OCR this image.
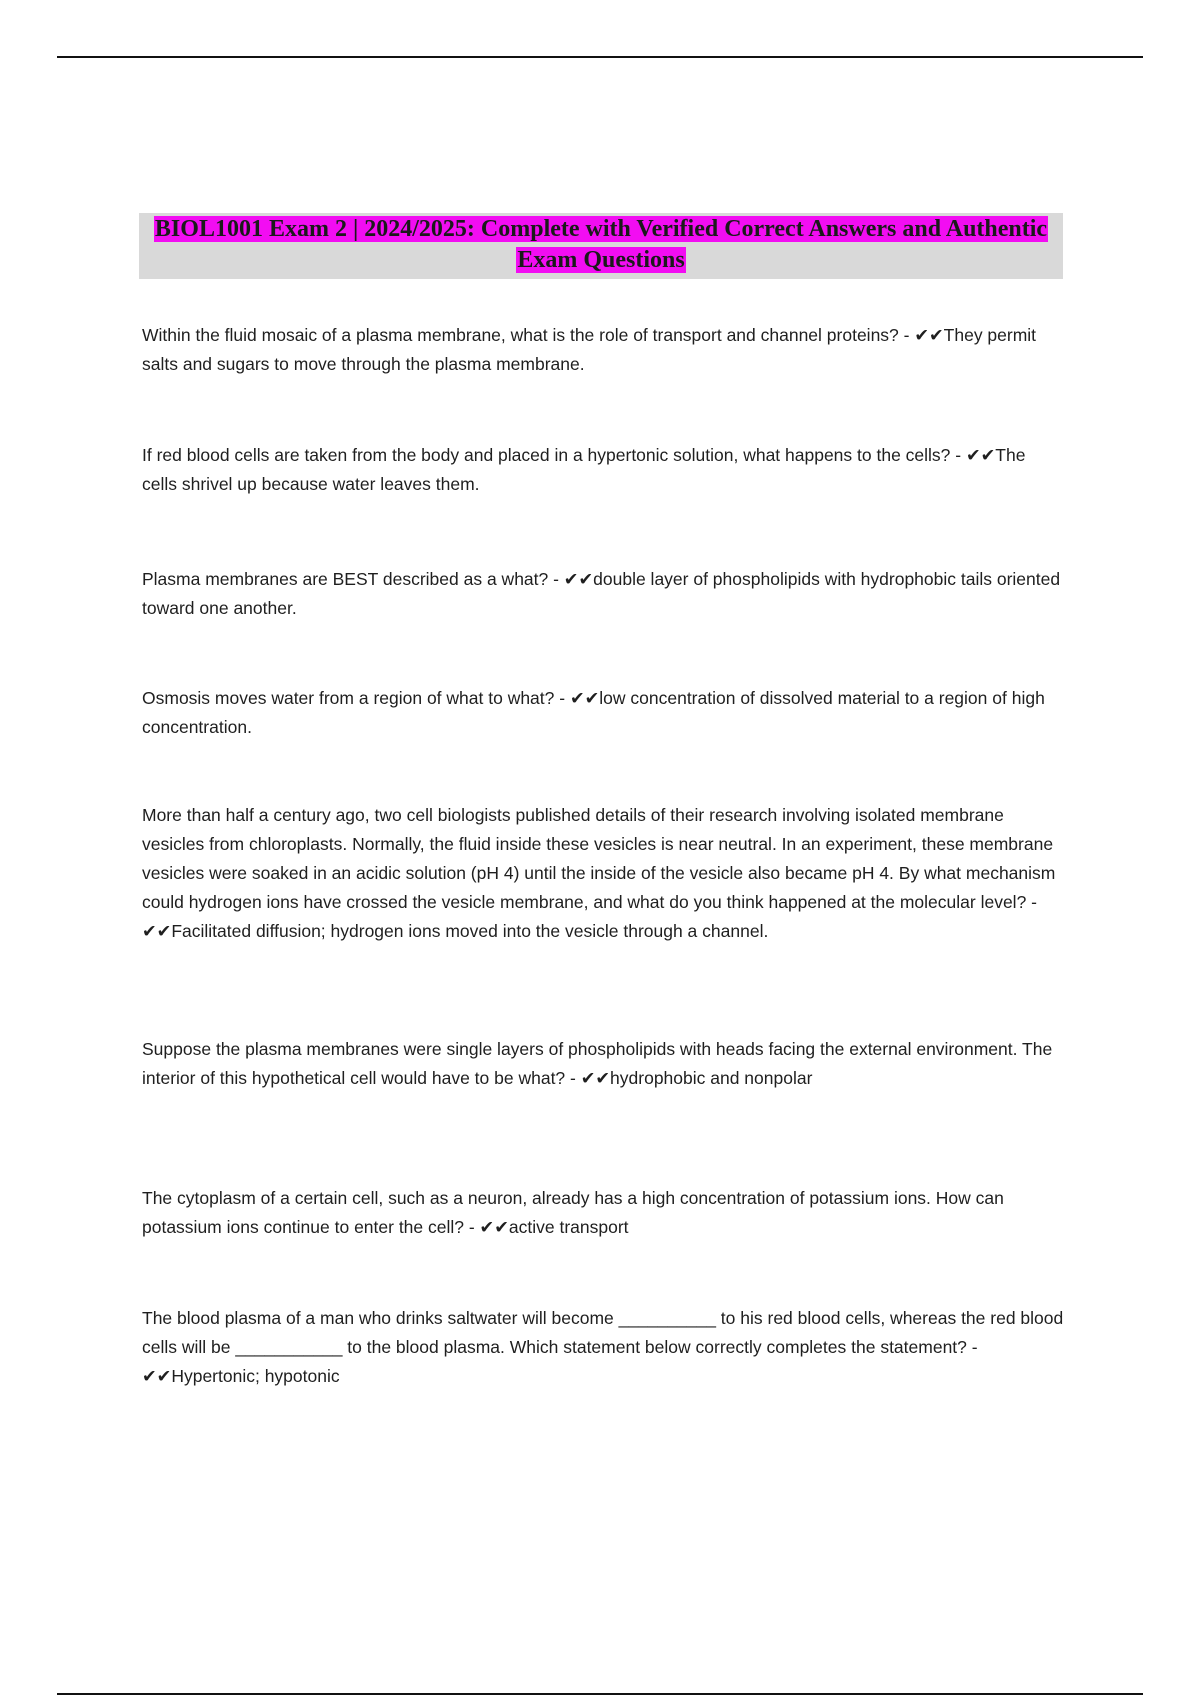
BIOL1001 Exam 2 | 2024/2025: Complete with Verified Correct Answers and Authentic Exam Questions

Within the fluid mosaic of a plasma membrane, what is the role of transport and channel proteins? - ✔✔They permit salts and sugars to move through the plasma membrane.

If red blood cells are taken from the body and placed in a hypertonic solution, what happens to the cells? - ✔✔The cells shrivel up because water leaves them.

Plasma membranes are BEST described as a what? - ✔✔double layer of phospholipids with hydrophobic tails oriented toward one another.

Osmosis moves water from a region of what to what? - ✔✔low concentration of dissolved material to a region of high concentration.

More than half a century ago, two cell biologists published details of their research involving isolated membrane vesicles from chloroplasts. Normally, the fluid inside these vesicles is near neutral. In an experiment, these membrane vesicles were soaked in an acidic solution (pH 4) until the inside of the vesicle also became pH 4. By what mechanism could hydrogen ions have crossed the vesicle membrane, and what do you think happened at the molecular level? - ✔✔Facilitated diffusion; hydrogen ions moved into the vesicle through a channel.

Suppose the plasma membranes were single layers of phospholipids with heads facing the external environment. The interior of this hypothetical cell would have to be what? - ✔✔hydrophobic and nonpolar

The cytoplasm of a certain cell, such as a neuron, already has a high concentration of potassium ions. How can potassium ions continue to enter the cell? - ✔✔active transport

The blood plasma of a man who drinks saltwater will become __________ to his red blood cells, whereas the red blood cells will be ___________ to the blood plasma. Which statement below correctly completes the statement? - ✔✔Hypertonic; hypotonic
